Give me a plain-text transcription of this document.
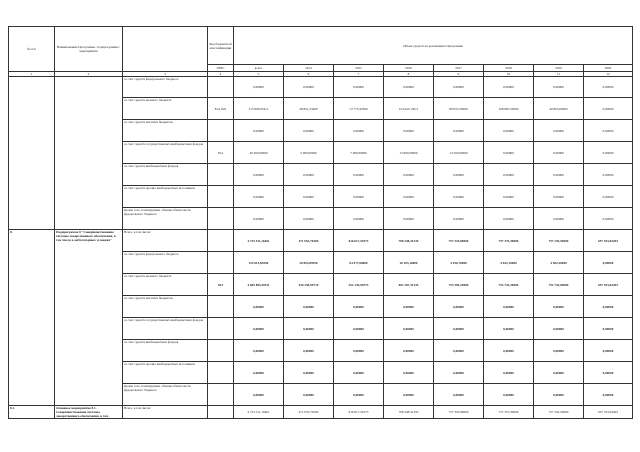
№ п/п	Наименование Программы / подпрограммы / мероприятия		Код бюджетной классификации	Объем средств на реализацию Программы							
			ГРБС	всего	2014	2015	2016	2017	2018	2019	2020
1	2	3	4	5	6	7	8	9	10	11	12
		за счет средств федерального бюджета		0,00000	0,00000	0,00000	0,00000	0,00000	0,00000	0,00000	0,00000
		за счет средств краевого бюджета	814, 822	515 809,65411	48 821,53400	72 775,47000	154 645,15011	89 955,50000	108 805,50000	40 805,00000	0,00000
		за счет средств местных бюджетов		0,00000	0,00000	0,00000	0,00000	0,00000	0,00000	0,00000	0,00000
		за счет средств государственных внебюджетных фондов	814	40 300,00000	5 000,00000	7 000,00000	15 800,00000	12 500,00000	0,00000	0,00000	0,00000
		за счет средств внебюджетных фондов		0,00000	0,00000	0,00000	0,00000	0,00000	0,00000	0,00000	0,00000
		за счет средств прочих внебюджетных источников		0,00000	0,00000	0,00000	0,00000	0,00000	0,00000	0,00000	0,00000
		Кроме того, планируемые объемы обязательств федерального бюджета		0,00000	0,00000	0,00000	0,00000	0,00000	0,00000	0,00000	0,00000
8.	Подпрограмма 8 "Совершенствование системы лекарственного обеспечения, в том числе в амбулаторных условиях"	Всего, в том числе:		4 725 511,16461	471 053,70260	616 617,54573	708 348,41335	757 325,80000	757 375,30000	757 245,50000	657 553,04293
		за счет средств федерального бюджета		119 615,85550	20 803,89550	64 477,60000	16 103,10000	4 016,70000	4 632,10000	4 502,30000	0,00000
		за счет средств краевого бюджета	814	4 605 895,30911	450 250,90710	552 139,94573	692 187,31335	753 309,10000	752 743,20000	752 743,00000	657 553,04293
		за счет средств местных бюджетов		0,00000	0,00000	0,00000	0,00000	0,00000	0,00000	0,00000	0,00000
		за счет средств государственных внебюджетных фондов		0,00000	0,00000	0,00000	0,00000	0,00000	0,00000	0,00000	0,00000
		за счет средств внебюджетных фондов		0,00000	0,00000	0,00000	0,00000	0,00000	0,00000	0,00000	0,00000
		за счет средств прочих внебюджетных источников		0,00000	0,00000	0,00000	0,00000	0,00000	0,00000	0,00000	0,00000
		Кроме того, планируемые объемы обязательств федерального бюджета		0,00000	0,00000	0,00000	0,00000	0,00000	0,00000	0,00000	0,00000
8.1.	Основное мероприятие 8.1. Совершенствование системы лекарственного обеспечения, в том	Всего, в том числе:		4 725 511,16461	471 053,70260	616 617,54573	708 348,41335	757 325,80000	757 375,30000	757 245,50000	657 553,04293
